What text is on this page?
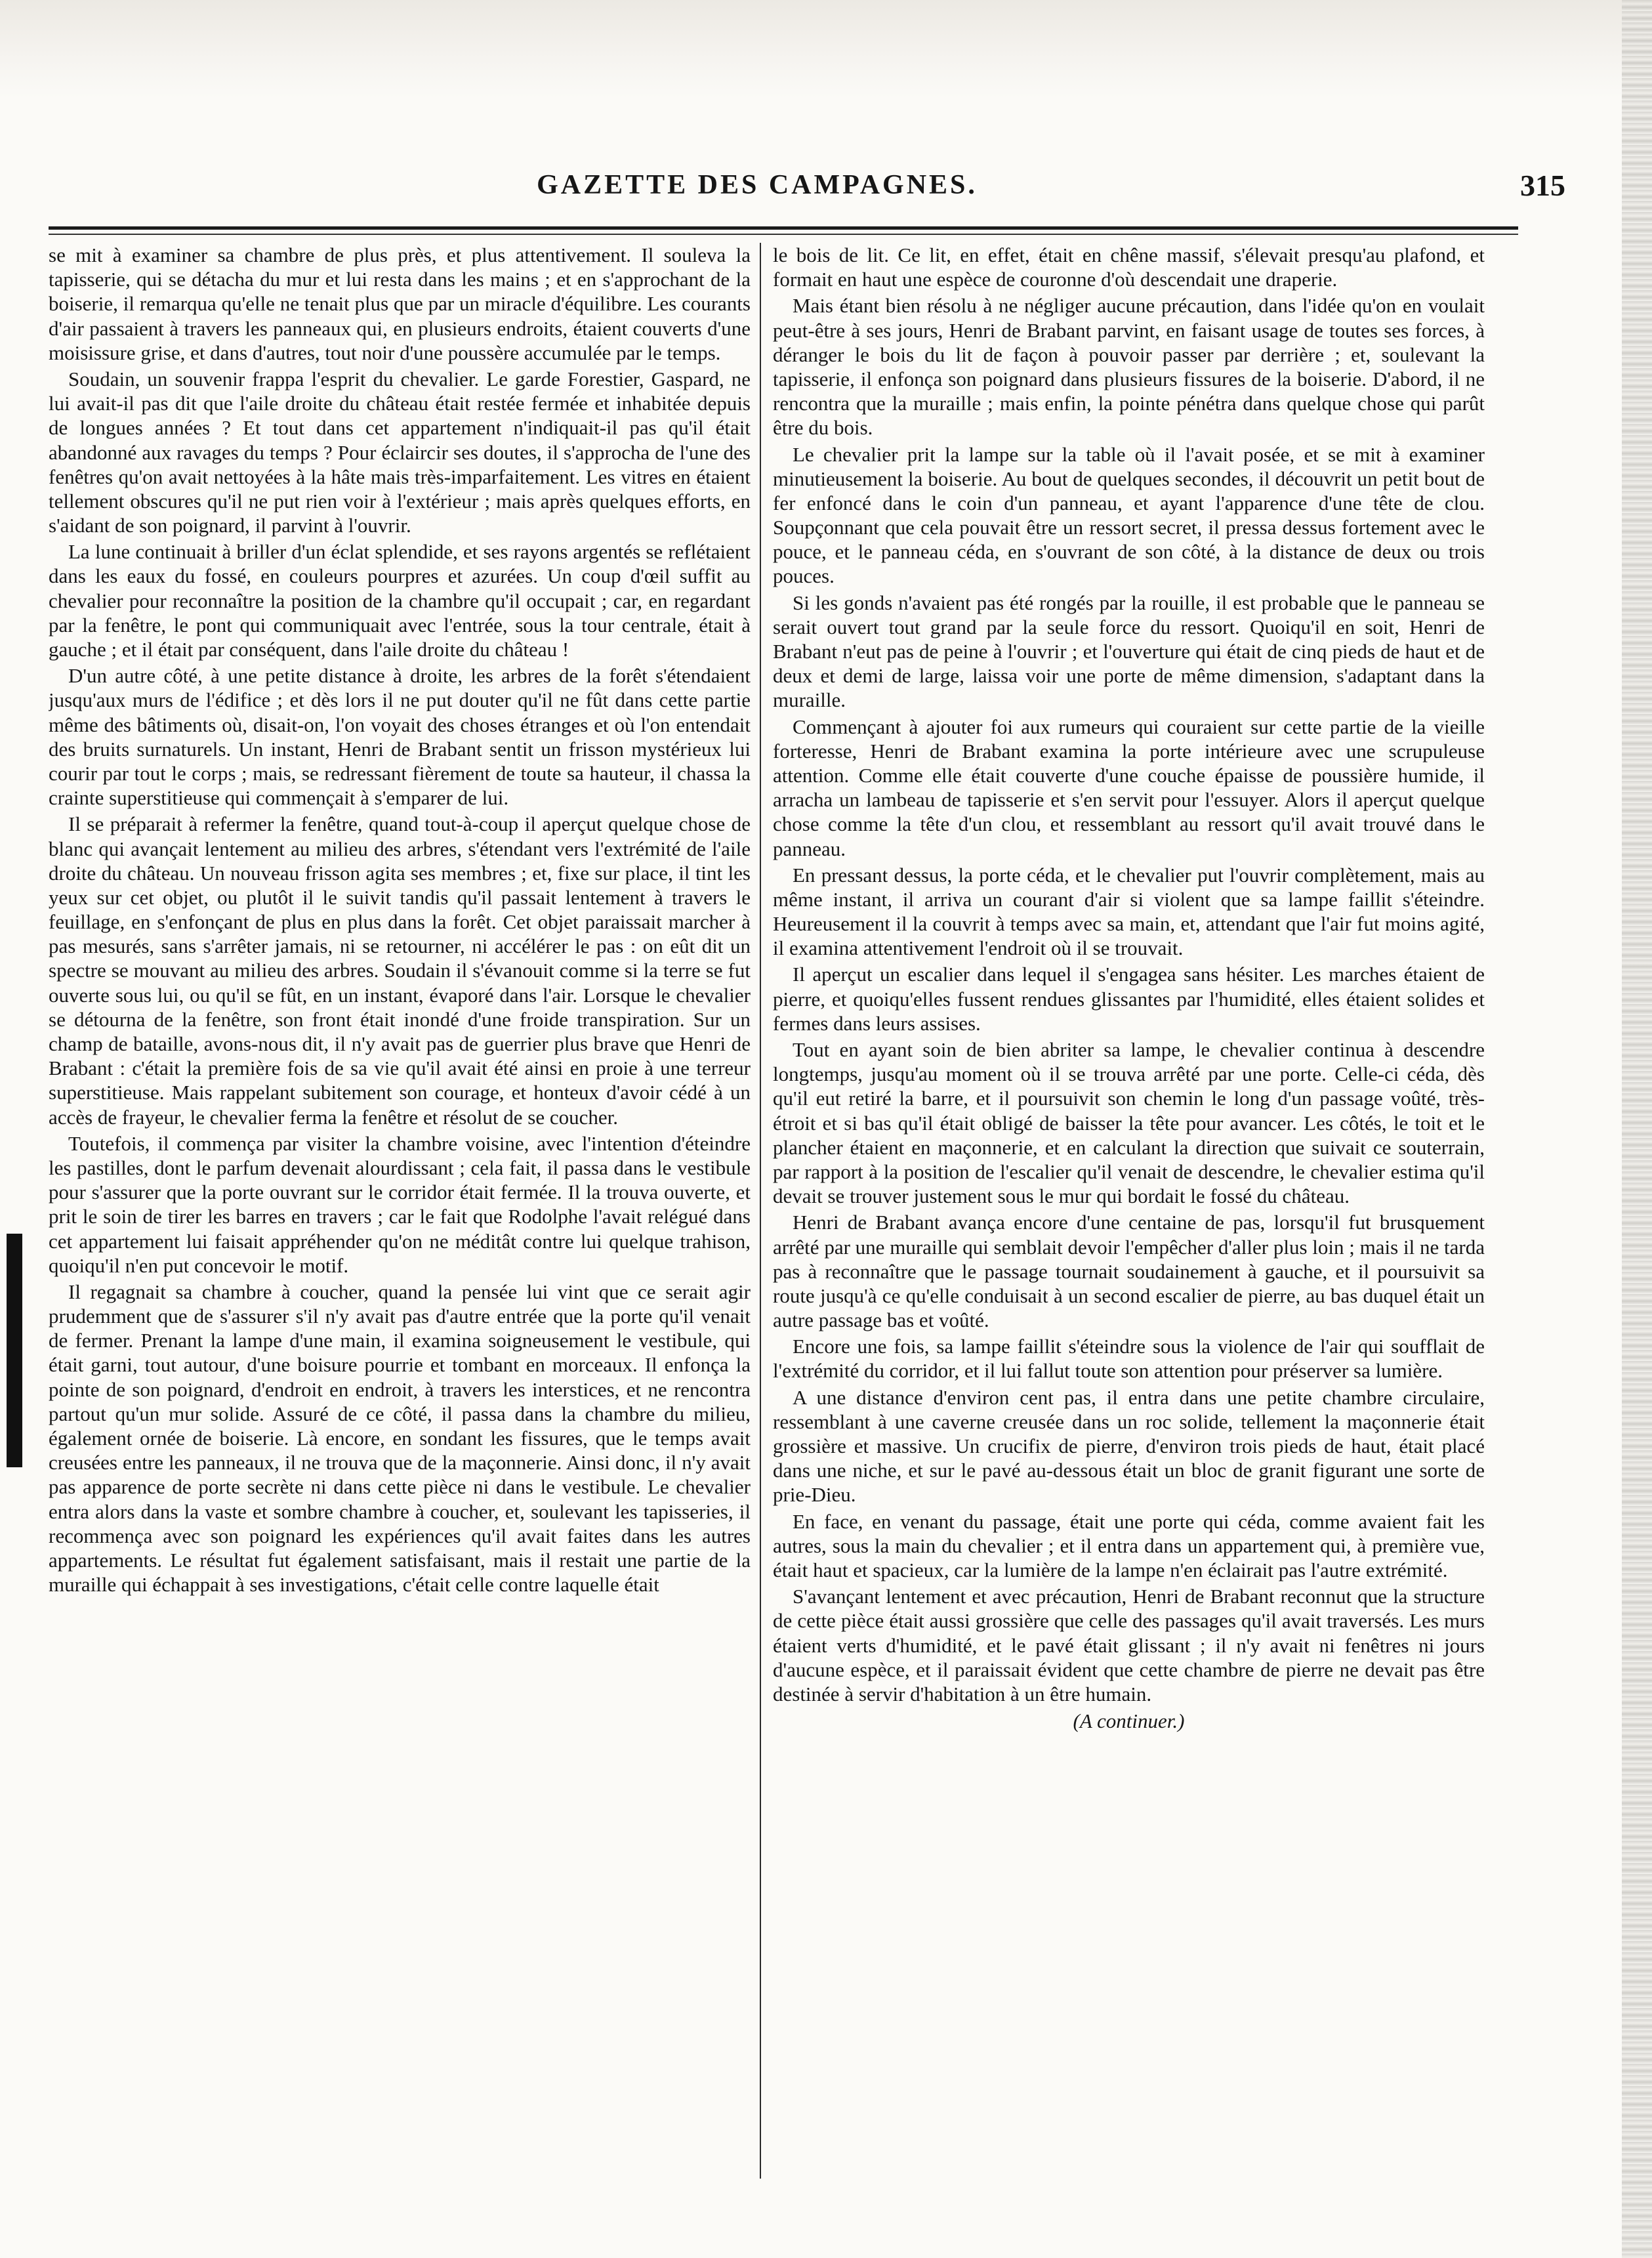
GAZETTE DES CAMPAGNES.	315

se mit à examiner sa chambre de plus près, et plus attentivement. Il souleva la tapisserie, qui se détacha du mur et lui resta dans les mains ; et en s'approchant de la boiserie, il remarqua qu'elle ne tenait plus que par un miracle d'équilibre. Les courants d'air passaient à travers les panneaux qui, en plusieurs endroits, étaient couverts d'une moisissure grise, et dans d'autres, tout noir d'une poussère accumulée par le temps.

Soudain, un souvenir frappa l'esprit du chevalier. Le garde Forestier, Gaspard, ne lui avait-il pas dit que l'aile droite du château était restée fermée et inhabitée depuis de longues années ? Et tout dans cet appartement n'indiquait-il pas qu'il était abandonné aux ravages du temps ? Pour éclaircir ses doutes, il s'approcha de l'une des fenêtres qu'on avait nettoyées à la hâte mais très-imparfaitement. Les vitres en étaient tellement obscures qu'il ne put rien voir à l'extérieur ; mais après quelques efforts, en s'aidant de son poignard, il parvint à l'ouvrir.

La lune continuait à briller d'un éclat splendide, et ses rayons argentés se reflétaient dans les eaux du fossé, en couleurs pourpres et azurées. Un coup d'œil suffit au chevalier pour reconnaître la position de la chambre qu'il occupait ; car, en regardant par la fenêtre, le pont qui communiquait avec l'entrée, sous la tour centrale, était à gauche ; et il était par conséquent, dans l'aile droite du château !

D'un autre côté, à une petite distance à droite, les arbres de la forêt s'étendaient jusqu'aux murs de l'édifice ; et dès lors il ne put douter qu'il ne fût dans cette partie même des bâtiments où, disait-on, l'on voyait des choses étranges et où l'on entendait des bruits surnaturels. Un instant, Henri de Brabant sentit un frisson mystérieux lui courir par tout le corps ; mais, se redressant fièrement de toute sa hauteur, il chassa la crainte superstitieuse qui commençait à s'emparer de lui.

Il se préparait à refermer la fenêtre, quand tout-à-coup il aperçut quelque chose de blanc qui avançait lentement au milieu des arbres, s'étendant vers l'extrémité de l'aile droite du château. Un nouveau frisson agita ses membres ; et, fixe sur place, il tint les yeux sur cet objet, ou plutôt il le suivit tandis qu'il passait lentement à travers le feuillage, en s'enfonçant de plus en plus dans la forêt. Cet objet paraissait marcher à pas mesurés, sans s'arrêter jamais, ni se retourner, ni accélérer le pas : on eût dit un spectre se mouvant au milieu des arbres. Soudain il s'évanouit comme si la terre se fut ouverte sous lui, ou qu'il se fût, en un instant, évaporé dans l'air. Lorsque le chevalier se détourna de la fenêtre, son front était inondé d'une froide transpiration. Sur un champ de bataille, avons-nous dit, il n'y avait pas de guerrier plus brave que Henri de Brabant : c'était la première fois de sa vie qu'il avait été ainsi en proie à une terreur superstitieuse. Mais rappelant subitement son courage, et honteux d'avoir cédé à un accès de frayeur, le chevalier ferma la fenêtre et résolut de se coucher.

Toutefois, il commença par visiter la chambre voisine, avec l'intention d'éteindre les pastilles, dont le parfum devenait alourdissant ; cela fait, il passa dans le vestibule pour s'assurer que la porte ouvrant sur le corridor était fermée. Il la trouva ouverte, et prit le soin de tirer les barres en travers ; car le fait que Rodolphe l'avait relégué dans cet appartement lui faisait appréhender qu'on ne méditât contre lui quelque trahison, quoiqu'il n'en put concevoir le motif.

Il regagnait sa chambre à coucher, quand la pensée lui vint que ce serait agir prudemment que de s'assurer s'il n'y avait pas d'autre entrée que la porte qu'il venait de fermer. Prenant la lampe d'une main, il examina soigneusement le vestibule, qui était garni, tout autour, d'une boisure pourrie et tombant en morceaux. Il enfonça la pointe de son poignard, d'endroit en endroit, à travers les interstices, et ne rencontra partout qu'un mur solide. Assuré de ce côté, il passa dans la chambre du milieu, également ornée de boiserie. Là encore, en sondant les fissures, que le temps avait creusées entre les panneaux, il ne trouva que de la maçonnerie. Ainsi donc, il n'y avait pas apparence de porte secrète ni dans cette pièce ni dans le vestibule. Le chevalier entra alors dans la vaste et sombre chambre à coucher, et, soulevant les tapisseries, il recommença avec son poignard les expériences qu'il avait faites dans les autres appartements. Le résultat fut également satisfaisant, mais il restait une partie de la muraille qui échappait à ses investigations, c'était celle contre laquelle était

le bois de lit. Ce lit, en effet, était en chêne massif, s'élevait presqu'au plafond, et formait en haut une espèce de couronne d'où descendait une draperie.

Mais étant bien résolu à ne négliger aucune précaution, dans l'idée qu'on en voulait peut-être à ses jours, Henri de Brabant parvint, en faisant usage de toutes ses forces, à déranger le bois du lit de façon à pouvoir passer par derrière ; et, soulevant la tapisserie, il enfonça son poignard dans plusieurs fissures de la boiserie. D'abord, il ne rencontra que la muraille ; mais enfin, la pointe pénétra dans quelque chose qui parût être du bois.

Le chevalier prit la lampe sur la table où il l'avait posée, et se mit à examiner minutieusement la boiserie. Au bout de quelques secondes, il découvrit un petit bout de fer enfoncé dans le coin d'un panneau, et ayant l'apparence d'une tête de clou. Soupçonnant que cela pouvait être un ressort secret, il pressa dessus fortement avec le pouce, et le panneau céda, en s'ouvrant de son côté, à la distance de deux ou trois pouces.

Si les gonds n'avaient pas été rongés par la rouille, il est probable que le panneau se serait ouvert tout grand par la seule force du ressort. Quoiqu'il en soit, Henri de Brabant n'eut pas de peine à l'ouvrir ; et l'ouverture qui était de cinq pieds de haut et de deux et demi de large, laissa voir une porte de même dimension, s'adaptant dans la muraille.

Commençant à ajouter foi aux rumeurs qui couraient sur cette partie de la vieille forteresse, Henri de Brabant examina la porte intérieure avec une scrupuleuse attention. Comme elle était couverte d'une couche épaisse de poussière humide, il arracha un lambeau de tapisserie et s'en servit pour l'essuyer. Alors il aperçut quelque chose comme la tête d'un clou, et ressemblant au ressort qu'il avait trouvé dans le panneau.

En pressant dessus, la porte céda, et le chevalier put l'ouvrir complètement, mais au même instant, il arriva un courant d'air si violent que sa lampe faillit s'éteindre. Heureusement il la couvrit à temps avec sa main, et, attendant que l'air fut moins agité, il examina attentivement l'endroit où il se trouvait.

Il aperçut un escalier dans lequel il s'engagea sans hésiter. Les marches étaient de pierre, et quoiqu'elles fussent rendues glissantes par l'humidité, elles étaient solides et fermes dans leurs assises.

Tout en ayant soin de bien abriter sa lampe, le chevalier continua à descendre longtemps, jusqu'au moment où il se trouva arrêté par une porte. Celle-ci céda, dès qu'il eut retiré la barre, et il poursuivit son chemin le long d'un passage voûté, très-étroit et si bas qu'il était obligé de baisser la tête pour avancer. Les côtés, le toit et le plancher étaient en maçonnerie, et en calculant la direction que suivait ce souterrain, par rapport à la position de l'escalier qu'il venait de descendre, le chevalier estima qu'il devait se trouver justement sous le mur qui bordait le fossé du château.

Henri de Brabant avança encore d'une centaine de pas, lorsqu'il fut brusquement arrêté par une muraille qui semblait devoir l'empêcher d'aller plus loin ; mais il ne tarda pas à reconnaître que le passage tournait soudainement à gauche, et il poursuivit sa route jusqu'à ce qu'elle conduisait à un second escalier de pierre, au bas duquel était un autre passage bas et voûté.

Encore une fois, sa lampe faillit s'éteindre sous la violence de l'air qui soufflait de l'extrémité du corridor, et il lui fallut toute son attention pour préserver sa lumière.

A une distance d'environ cent pas, il entra dans une petite chambre circulaire, ressemblant à une caverne creusée dans un roc solide, tellement la maçonnerie était grossière et massive. Un crucifix de pierre, d'environ trois pieds de haut, était placé dans une niche, et sur le pavé au-dessous était un bloc de granit figurant une sorte de prie-Dieu.

En face, en venant du passage, était une porte qui céda, comme avaient fait les autres, sous la main du chevalier ; et il entra dans un appartement qui, à première vue, était haut et spacieux, car la lumière de la lampe n'en éclairait pas l'autre extrémité.

S'avançant lentement et avec précaution, Henri de Brabant reconnut que la structure de cette pièce était aussi grossière que celle des passages qu'il avait traversés. Les murs étaient verts d'humidité, et le pavé était glissant ; il n'y avait ni fenêtres ni jours d'aucune espèce, et il paraissait évident que cette chambre de pierre ne devait pas être destinée à servir d'habitation à un être humain.

(A continuer.)
